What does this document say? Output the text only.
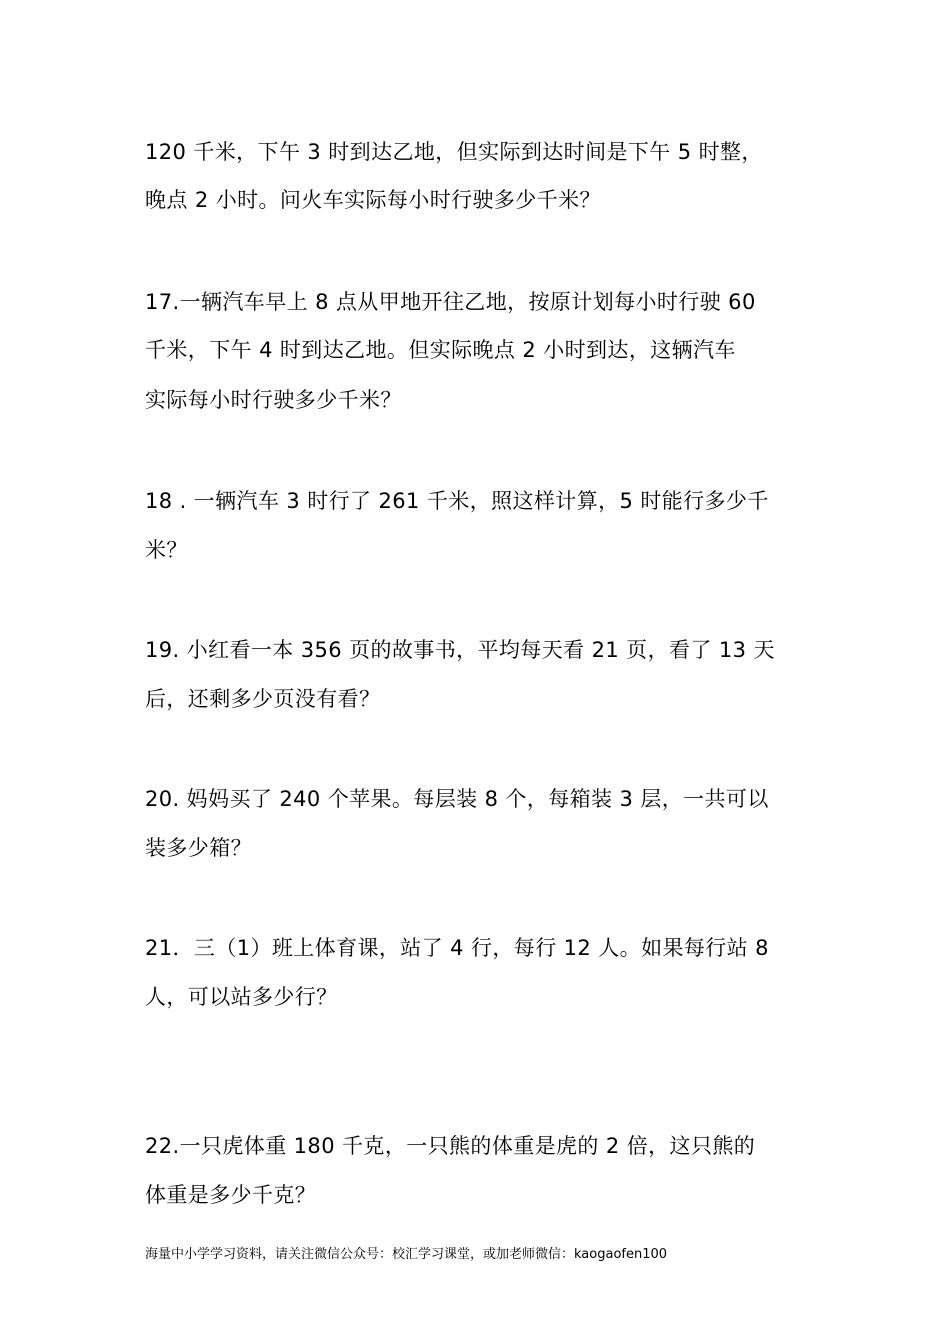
120 千米，下午 3 时到达乙地，但实际到达时间是下午 5 时整，
晚点 2 小时。问火车实际每小时行驶多少千米？
17.一辆汽车早上 8 点从甲地开往乙地，按原计划每小时行驶 60
千米，下午 4 时到达乙地。但实际晚点 2 小时到达，这辆汽车
实际每小时行驶多少千米？
18 . 一辆汽车 3 时行了 261 千米，照这样计算，5 时能行多少千
米？
19. 小红看一本 356 页的故事书，平均每天看 21 页，看了 13 天
后，还剩多少页没有看？
20. 妈妈买了 240 个苹果。每层装 8 个，每箱装 3 层，一共可以
装多少箱？
21．三（1）班上体育课，站了 4 行，每行 12 人。如果每行站 8
人，可以站多少行？
22.一只虎体重 180 千克，一只熊的体重是虎的 2 倍，这只熊的
体重是多少千克？
海量中小学学习资料，请关注微信公众号：校汇学习课堂，或加老师微信：kaogaofen100
